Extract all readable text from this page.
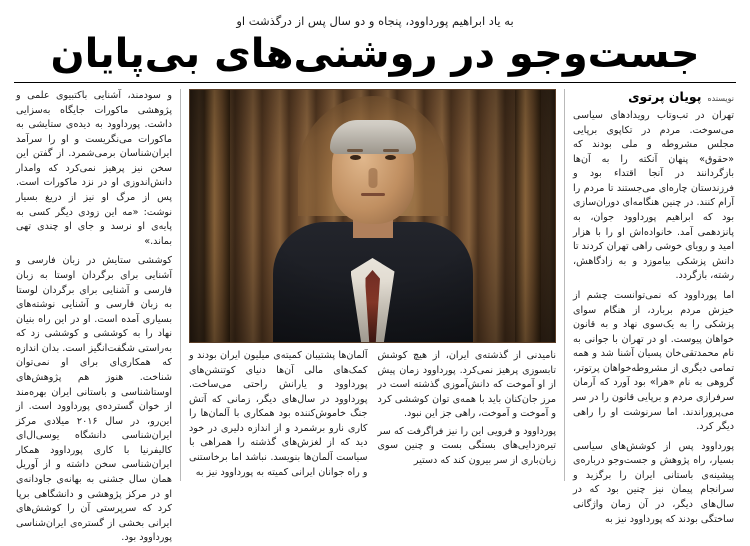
به یاد ابراهیم پورداوود، پنجاه و دو سال پس از درگذشت او
جست‌وجو در روشنی‌های بی‌پایان
نویسنده
پویان پرتوی

تهران در تب‌وتاب رویدادهای سیاسی می‌سوخت. مردم در تکاپوی برپایی مجلس مشروطه و ملی بودند که «حقوق» پنهان آنکته را به آن‌ها بازگردانند در آنجا اقتداء بود و فرزندستان چاره‌ای می‌جستند تا مردم را آرام کنند. در چنین هنگامه‌ای دوران‌سازی بود که ابراهیم پورداوود جوان، به پانزدهمی آمد. خانواده‌اش او را با هزار امید و رویای خوشی راهی تهران کردند تا دانش پزشکی بیاموزد و به زادگاهش، رشته، بازگردد.

اما پورداوود که نمی‌توانست چشم از خیزش مردم بربارد، از هنگام سوای پزشکی را به یک‌سوی نهاد و به قانون خواهان پیوست. او در تهران با جوانی به نام محمدتقی‌خان پسیان آشنا شد و همه تمامی دیگری از مشروطه‌خواهان پرتوتر، گروهی به نام «هرا» بود آورد که آرمان سرفرازی مردم و برپایی قانون را در سر می‌پروراندند. اما سرنوشت او را راهی دیگر کرد.

پورداوود پس از کوشش‌های سیاسی بسیار، راه پژوهش و جست‌وجو درباره‌ی پیشینه‌ی باستانی ایران را برگزید و سرانجام پیمان نیز چنین بود که در سال‌های دیگر، در آن زمان واژگانی ساختگی بودند که پورداوود نیز به

نامیدنی از گذشته‌ی ایران، از هیچ کوشش تابسوزی پرهیز نمی‌کرد. پورداوود زمان پیش از او آموخت که دانش‌آموزی گذشته است در مرز جان‌کنان باید با همه‌ی توان کوششی کرد و آموخت و آموخت، راهی جز این نبود.

پورداوود و فرویی این را نیز فراگرفت که سر تیره‌زدایی‌های بستگی بست و چنین سوی زبان‌باری از سر بیرون کند که دستیر

آلمان‌ها پشتیبان کمیته‌ی میلیون ایران بودند و کمک‌های مالی آن‌ها دنیای کوتنشن‌های پورداوود و یارانش راحتی می‌ساخت. پورداوود در سال‌های دیگر، زمانی که آتش جنگ خاموش‌کننده بود همکاری با آلمان‌ها را کاری نارو برشمرد و از اندازه دلیری در خود دید که از لغزش‌های گذشته را همراهی با سیاست آلمان‌ها بنویسد. نباشد اما برخاستنی و راه جوانان ایرانی کمیته به پورداوود نیز به

و سودمند، آشنایی باکتبیوی علمی و پژوهشی ماکورات جایگاه به‌سزایی داشت. پورداوود به دیده‌ی ستایشی به ماکورات می‌نگریست و او را سرآمد ایران‌شناسان برمی‌شمرد. از گفتن این سخن نیز پرهیز نمی‌کرد که وامدار دانش‌اندوزی او در نزد ماکورات است. پس از مرگ او نیز از دریغ بسیار نوشت: «مه این زودی دیگر کسی به پایه‌ی او نرسد و جای او چندی تهی بماند.»

کوششی ستایش در زبان فارسی و آشنایی برای برگردان اوستا به زبان فارسی و آشنایی برای برگردان لوستا به زبان فارسی و آشنایی نوشته‌های بسیاری آمده است. او در این راه بنیان نهاد را به کوششی و کوششی زد که به‌راستی شگفت‌انگیز است. بدان اندازه که همکاری‌ای برای او نمی‌توان شناخت. هنوز هم پژوهش‌های اوستاشناسی و باستانی ایران بهره‌مند از خوان گسترده‌ی پورداوود است. از این‌رو، در سال ۲۰۱۶ میلادی مرکز ایران‌شناسی دانشگاه یوسی‌ال‌ای کالیفرنیا با کاری پورداوود همکار ایران‌شناسی سخن داشته و از آوریل همان سال جشنی به بهانه‌ی جاودانه‌ی او در مرکز پژوهشی و دانشگاهی برپا کرد که سرپرستی آن را کوشش‌های ایرانی بخشی از گستره‌ی ایران‌شناسی پورداوود بود.
